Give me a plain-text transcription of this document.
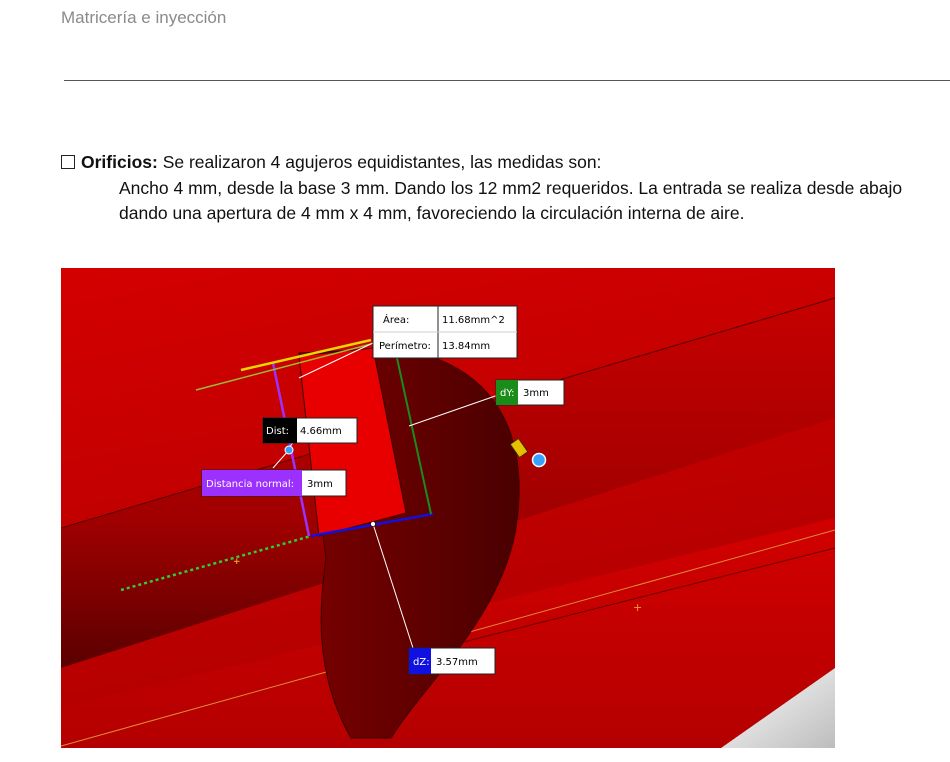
Matricería e inyección

Orificios: Se realizaron 4 agujeros equidistantes, las medidas son:

Ancho 4 mm, desde la base 3 mm. Dando los 12 mm2 requeridos. La entrada se realiza desde abajo dando una apertura de 4 mm x 4 mm, favoreciendo la circulación interna de aire.

+
+
Área:	11.68mm^2
Perímetro: 13.84mm
dY: 3mm
Dist: 4.66mm
Distancia normal: 3mm
dZ: 3.57mm
